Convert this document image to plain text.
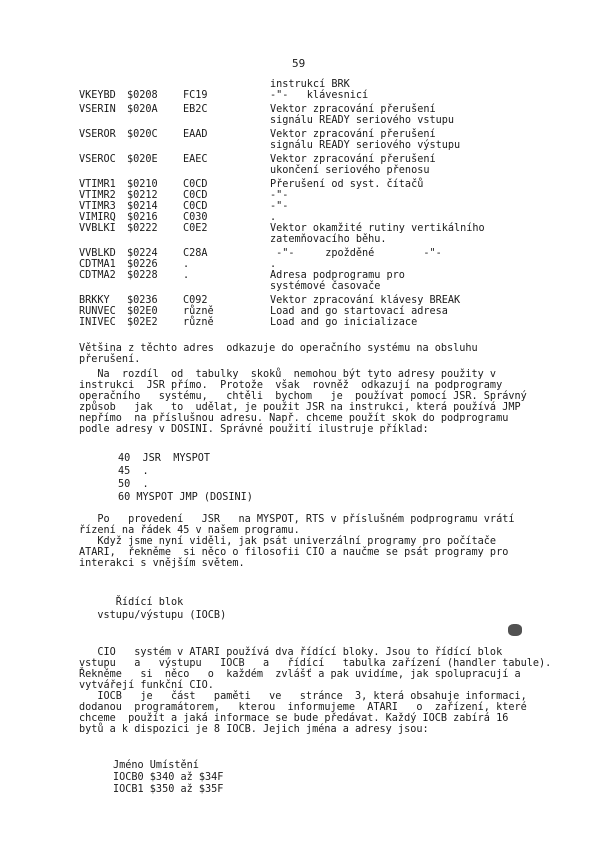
59
instrukcí BRK
VKEYBD $0208 FC19	-"-   klávesnicí
VSERIN $020A EB2C	Vektor zpracování přerušení
signálu READY seriového vstupu
VSEROR $020C EAAD	Vektor zpracování přerušení
signálu READY seriového výstupu
VSEROC $020E EAEC	Vektor zpracování přerušení
ukončení seriového přenosu
VTIMR1 $0210 C0CD	Přerušení od syst. čítačů
VTIMR2 $0212 C0CD	-"-
VTIMR3 $0214 C0CD	-"-
VIMIRQ $0216 C030	.
VVBLKI $0222 C0E2	Vektor okamžité rutiny vertikálního
zatemňovacího běhu.
VVBLKD $0224 C28A	-"-     zpožděné        -"-
CDTMA1 $0226 .	.
CDTMA2 $0228 .	Adresa podprogramu pro
systémové časovače
BRKKY $0236 C092	Vektor zpracování klávesy BREAK
RUNVEC $02E0 různě	Load and go startovací adresa
INIVEC $02E2 různě	Load and go inicializace
Většina z těchto adres  odkazuje do operačního systému na obsluhu
přerušení.
Na  rozdíl  od  tabulky  skoků  nemohou být tyto adresy použity v
instrukci  JSR přímo.  Protože  však  rovněž  odkazují na podprogramy
operačního   systému,   chtěli  bychom   je  používat pomocí JSR. Správný
způsob   jak   to  udělat, je použit JSR na instrukci, která používá JMP
nepřímo  na příslušnou adresu. Např. chceme použít skok do podprogramu
podle adresy v DOSINI. Správné použití ilustruje příklad:
40  JSR  MYSPOT
45  .
50  .
60 MYSPOT JMP (DOSINI)
Po   provedení   JSR   na MYSPOT, RTS v příslušném podprogramu vrátí
řízení na řádek 45 v našem programu.
Když jsme nyní viděli, jak psát univerzální programy pro počítače
ATARI,  řekněme  si něco o filosofii CIO a naučme se psát programy pro
interakci s vnějším světem.
Řídící blok
vstupu/výstupu (IOCB)
CIO   systém v ATARI používá dva řídící bloky. Jsou to řídící blok
vstupu   a   výstupu   IOCB   a   řídící   tabulka zařízení (handler tabule).
Řekněme   si  něco   o  každém  zvlášť a pak uvidíme, jak spolupracují a
vytvářejí funkční CIO.
IOCB   je   část   paměti   ve   stránce  3, která obsahuje informaci,
dodanou  programátorem,   kterou  informujeme  ATARI   o  zařízení, které
chceme  použít a jaká informace se bude předávat. Každý IOCB zabírá 16
bytů a k dispozici je 8 IOCB. Jejich jména a adresy jsou:
Jméno Umístění
IOCB0 $340 až $34F
IOCB1 $350 až $35F
